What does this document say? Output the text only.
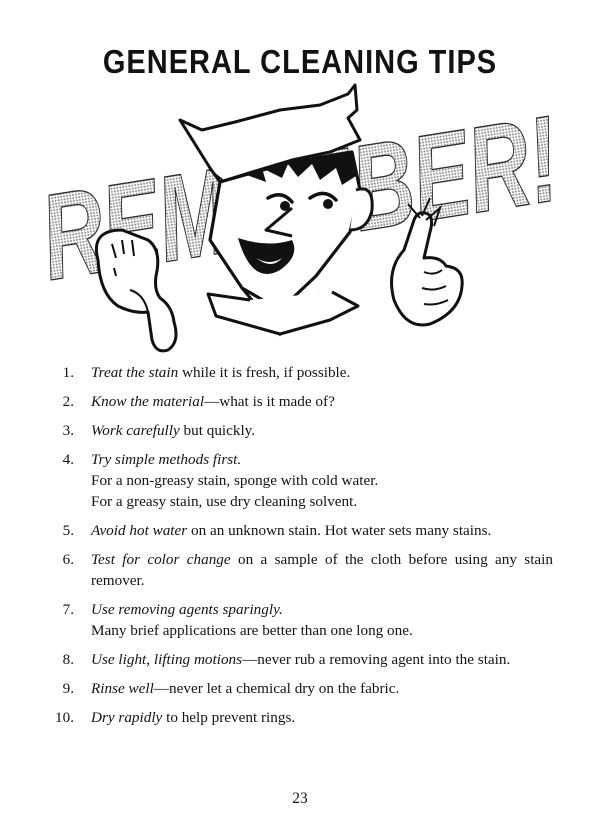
GENERAL CLEANING TIPS
1. Treat the stain while it is fresh, if possible.
2. Know the material—what is it made of?
3. Work carefully but quickly.
4. Try simple methods first.
For a non-greasy stain, sponge with cold water.
For a greasy stain, use dry cleaning solvent.
5. Avoid hot water on an unknown stain. Hot water sets many stains.
6. Test for color change on a sample of the cloth before using any stain remover.
7. Use removing agents sparingly.
Many brief applications are better than one long one.
8. Use light, lifting motions—never rub a removing agent into the stain.
9. Rinse well—never let a chemical dry on the fabric.
10. Dry rapidly to help prevent rings.
23
